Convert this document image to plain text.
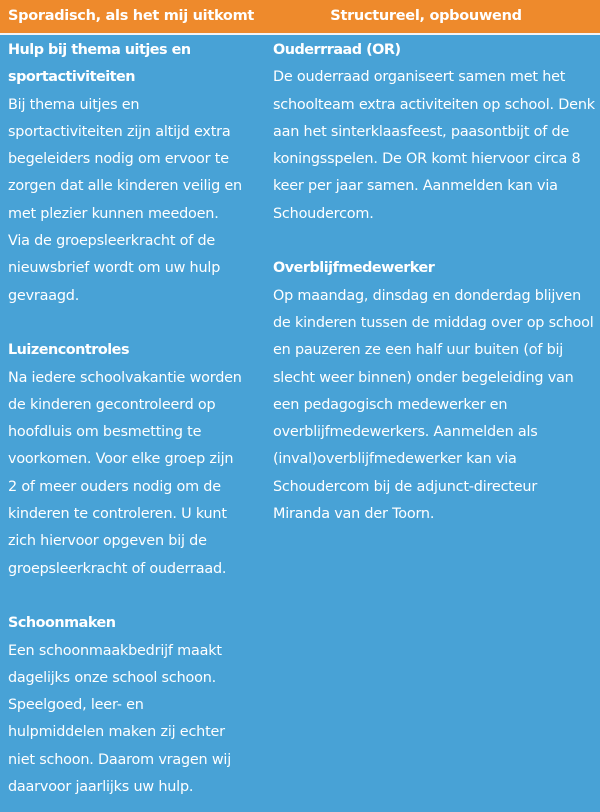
Sporadisch, als het mij uitkomt	Structureel, opbouwend
Hulp bij thema uitjes en
sportactiviteiten
Bij thema uitjes en
sportactiviteiten zijn altijd extra
begeleiders nodig om ervoor te
zorgen dat alle kinderen veilig en
met plezier kunnen meedoen.
Via de groepsleerkracht of de
nieuwsbrief wordt om uw hulp
gevraagd.
Luizencontroles
Na iedere schoolvakantie worden
de kinderen gecontroleerd op
hoofdluis om besmetting te
voorkomen. Voor elke groep zijn
2 of meer ouders nodig om de
kinderen te controleren. U kunt
zich hiervoor opgeven bij de
groepsleerkracht of ouderraad.
Schoonmaken
Een schoonmaakbedrijf maakt
dagelijks onze school schoon.
Speelgoed, leer- en
hulpmiddelen maken zij echter
niet schoon. Daarom vragen wij
daarvoor jaarlijks uw hulp.
Ouderrraad (OR)
De ouderraad organiseert samen met het
schoolteam extra activiteiten op school. Denk
aan het sinterklaasfeest, paasontbijt of de
koningsspelen. De OR komt hiervoor circa 8
keer per jaar samen. Aanmelden kan via
Schoudercom.
Overblijfmedewerker
Op maandag, dinsdag en donderdag blijven
de kinderen tussen de middag over op school
en pauzeren ze een half uur buiten (of bij
slecht weer binnen) onder begeleiding van
een pedagogisch medewerker en
overblijfmedewerkers. Aanmelden als
(inval)overblijfmedewerker kan via
Schoudercom bij de adjunct-directeur
Miranda van der Toorn.
